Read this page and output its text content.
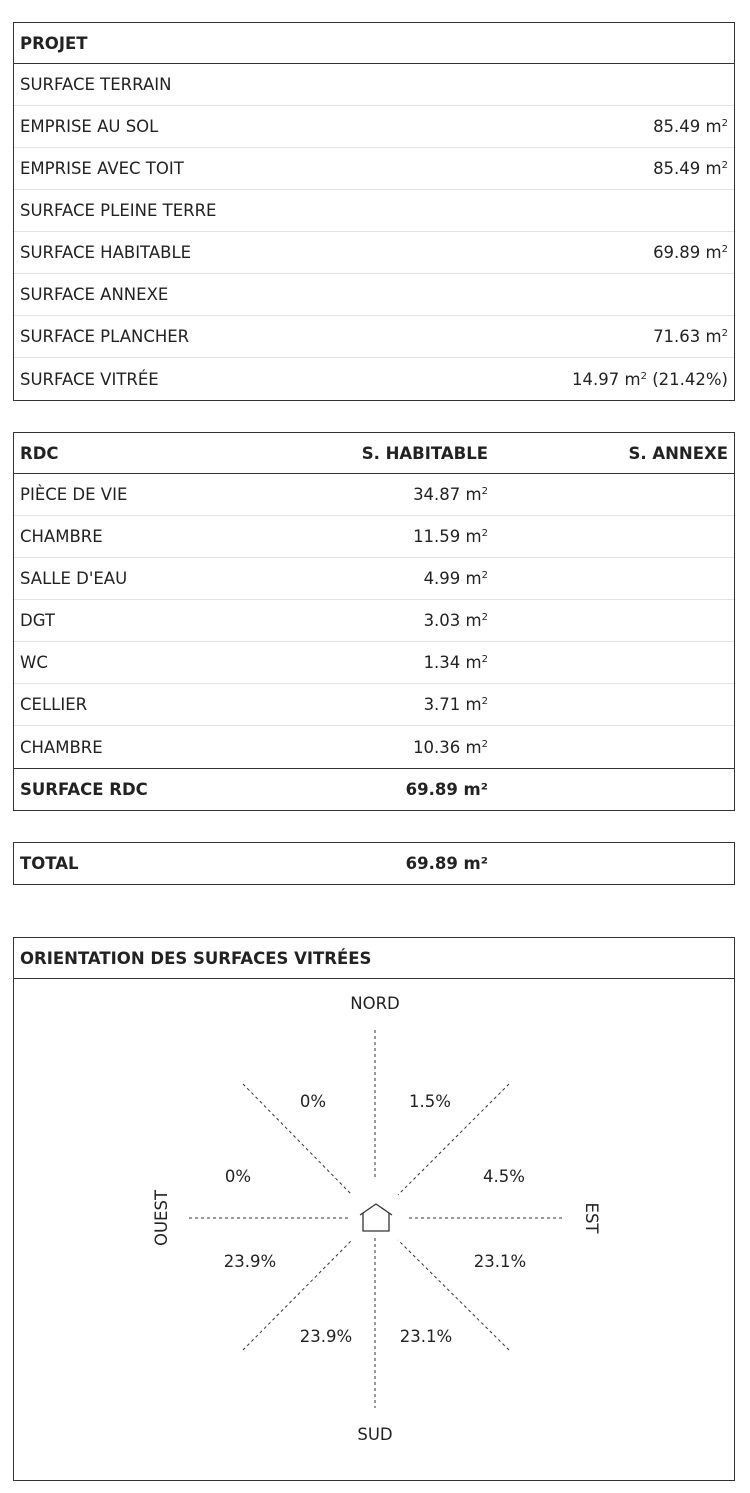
PROJET
SURFACE TERRAIN
EMPRISE AU SOL	85.49 $m^2$
EMPRISE AVEC TOIT	85.49 $m^2$
SURFACE PLEINE TERRE
SURFACE HABITABLE	69.89 $m^2$
SURFACE ANNEXE
SURFACE PLANCHER	71.63 $m^2$
SURFACE VITRÉE	14.97 $m^2$ (21.42%)
RDC	S. HABITABLE	S. ANNEXE
PIÈCE DE VIE	34.87 $m^2$
CHAMBRE	11.59 $m^2$
SALLE D'EAU	4.99 $m^2$
DGT	3.03 $m^2$
WC	1.34 $m^2$
CELLIER	3.71 $m^2$
CHAMBRE	10.36 $m^2$
SURFACE RDC	69.89 m²
TOTAL	69.89 m²
ORIENTATION DES SURFACES VITRÉES
NORD
SUD
EST
OUEST
0%	1.5%
4.5%
0%
23.9%	23.1%
23.9%	23.1%
